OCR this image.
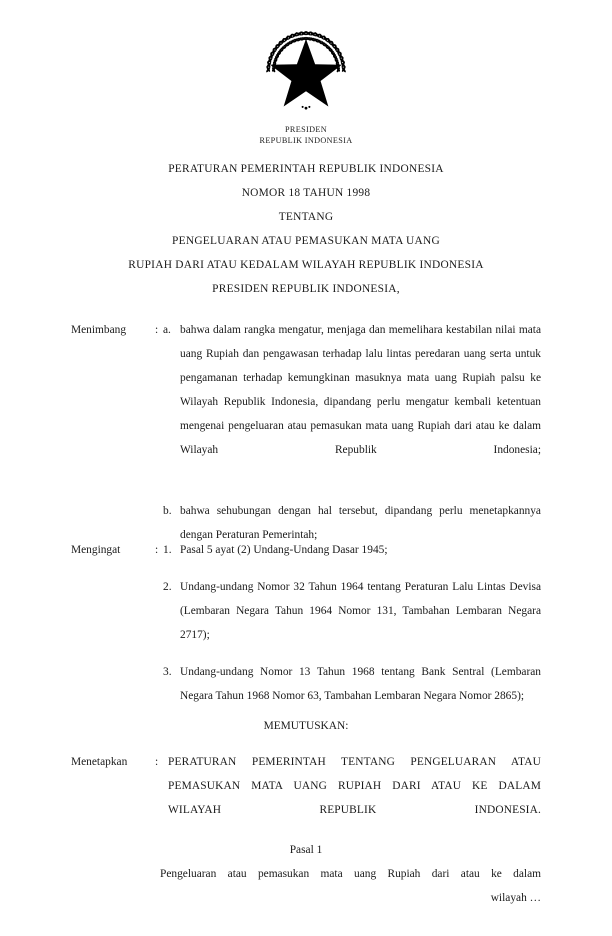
PRESIDEN
REPUBLIK INDONESIA
PERATURAN PEMERINTAH REPUBLIK INDONESIA
NOMOR 18 TAHUN 1998
TENTANG
PENGELUARAN ATAU PEMASUKAN MATA UANG
RUPIAH DARI ATAU KEDALAM WILAYAH REPUBLIK INDONESIA
PRESIDEN REPUBLIK INDONESIA,
Menimbang	: a. bahwa dalam rangka mengatur, menjaga dan memelihara kestabilan nilai mata uang Rupiah dan pengawasan terhadap lalu lintas peredaran uang serta untuk pengamanan terhadap kemungkinan masuknya mata uang Rupiah palsu ke Wilayah Republik Indonesia, dipandang perlu mengatur kembali ketentuan mengenai pengeluaran atau pemasukan mata uang Rupiah dari atau ke dalam Wilayah Republik Indonesia;
b. bahwa sehubungan dengan hal tersebut, dipandang perlu menetapkannya dengan Peraturan Pemerintah;
Mengingat	: 1. Pasal 5 ayat (2) Undang-Undang Dasar 1945;
2. Undang-undang Nomor 32 Tahun 1964 tentang Peraturan Lalu Lintas Devisa (Lembaran Negara Tahun 1964 Nomor 131, Tambahan Lembaran Negara 2717);
3. Undang-undang Nomor 13 Tahun 1968 tentang Bank Sentral (Lembaran Negara Tahun 1968 Nomor 63, Tambahan Lembaran Negara Nomor 2865);
MEMUTUSKAN:
Menetapkan	: PERATURAN PEMERINTAH TENTANG PENGELUARAN ATAU PEMASUKAN MATA UANG RUPIAH DARI ATAU KE DALAM WILAYAH REPUBLIK INDONESIA.
Pasal 1
Pengeluaran atau pemasukan mata uang Rupiah dari atau ke dalam
wilayah …
